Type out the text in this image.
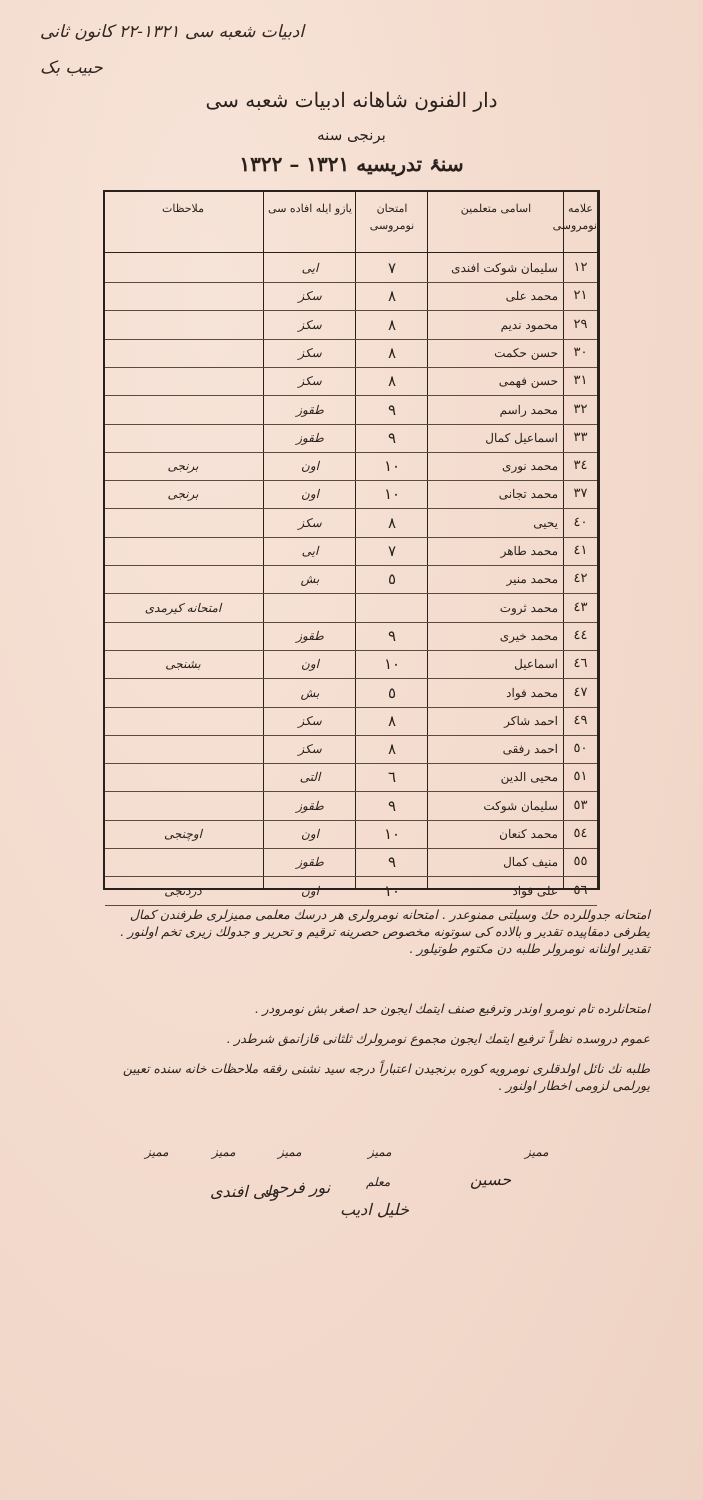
ادبيات شعبه سی ١٣٢١-٢٢ کانون ثانی
حبيب بک
دار الفنون شاهانه ادبيات شعبه سی
برنجی سنه
سنۂ تدريسيه ١٣٢١ – ١٣٢٢
علامه نومروسی
اسامی متعلمين
امتحان نومروسی
يازو ايله افاده سی
ملاحظات
١٢
سليمان شوکت افندی
٧
ایی
٢١
محمد علی
٨
سکز
٢٩
محمود نديم
٨
سکز
٣٠
حسن حکمت
٨
سکز
٣١
حسن فهمی
٨
سکز
٣٢
محمد راسم
٩
طقوز
٣٣
اسماعيل کمال
٩
طقوز
٣٤
محمد نوری
١٠
اون
برنجی
٣٧
محمد تجانی
١٠
اون
برنجی
٤٠
يحيی
٨
سکز
٤١
محمد طاهر
٧
ایی
٤٢
محمد منير
٥
بش
٤٣
محمد ثروت
امتحانه کيرمدی
٤٤
محمد خيری
٩
طقوز
٤٦
اسماعيل
١٠
اون
بشنجی
٤٧
محمد فواد
٥
بش
٤٩
احمد شاکر
٨
سکز
٥٠
احمد رفقی
٨
سکز
٥١
محيی الدين
٦
التی
٥٣
سليمان شوکت
٩
طقوز
٥٤
محمد کنعان
١٠
اون
اوچنجی
٥٥
منيف کمال
٩
طقوز
٥٦
علی فواد
١٠
اون
دردنجی
امتحانه جدوللرده حك وسيلتی ممنوعدر . امتحانه نومرولری هر درسك معلمی ممیزلری طرفندن کمال يطرفی دمقاپيده تقدير و بالاده کی سوتونه مخصوص حصرینه ترقيم و تحرير و جدولك زيری تخم اولنور . تقدير اولنانه نومرولر طلبه دن مکتوم طوتيلور .
امتحانلرده تام نومرو اوندر وترفيع صنف ايتمك ايجون حد اصغر بش نومرودر .
عموم دروسده نظراً ترفيع ايتمك ايجون مجموع نومرولرك ثلثانی قازانمق شرطدر .
طلبه نك نائل اولدقلری نومرويه کوره برنجيدن اعتباراً درجه سيد نشنی رفقه ملاحظات خانه سنده تعيين يورلمی لزومی اخطار اولنور .
ممیز
ممیز
ممیز
ممیز
ممیز
معلم	حسين
خليل ادیب
نور فرحی
ولی افندی
